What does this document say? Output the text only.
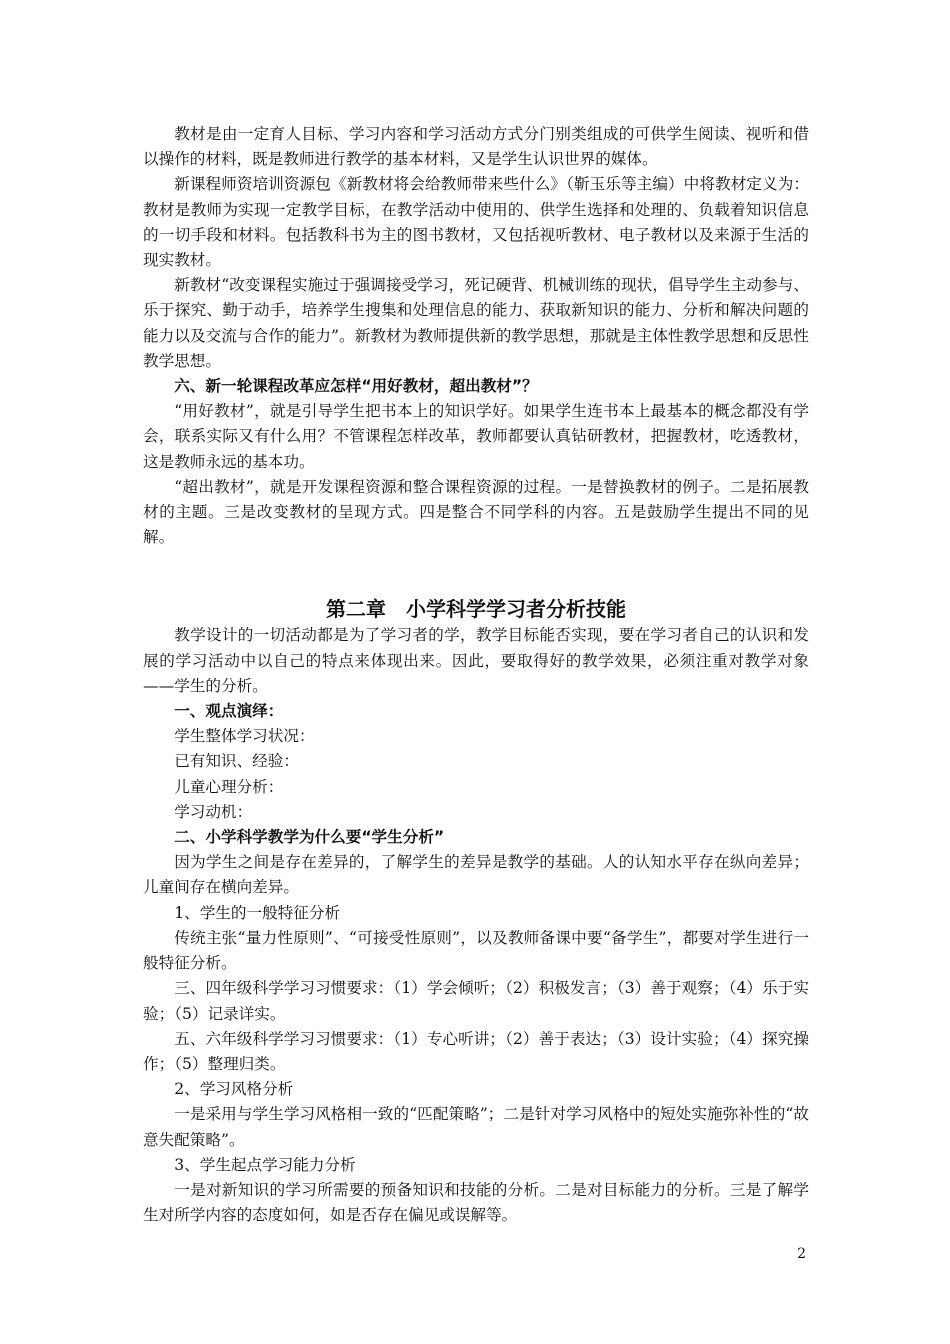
教材是由一定育人目标、学习内容和学习活动方式分门别类组成的可供学生阅读、视听和借以操作的材料，既是教师进行教学的基本材料，又是学生认识世界的媒体。

新课程师资培训资源包《新教材将会给教师带来些什么》（靳玉乐等主编）中将教材定义为：教材是教师为实现一定教学目标，在教学活动中使用的、供学生选择和处理的、负载着知识信息的一切手段和材料。包括教科书为主的图书教材，又包括视听教材、电子教材以及来源于生活的现实教材。

新教材“改变课程实施过于强调接受学习，死记硬背、机械训练的现状，倡导学生主动参与、乐于探究、勤于动手，培养学生搜集和处理信息的能力、获取新知识的能力、分析和解决问题的能力以及交流与合作的能力”。新教材为教师提供新的教学思想，那就是主体性教学思想和反思性教学思想。

六、新一轮课程改革应怎样“用好教材，超出教材”？

“用好教材”，就是引导学生把书本上的知识学好。如果学生连书本上最基本的概念都没有学会，联系实际又有什么用？不管课程怎样改革，教师都要认真钻研教材，把握教材，吃透教材，这是教师永远的基本功。

“超出教材”，就是开发课程资源和整合课程资源的过程。一是替换教材的例子。二是拓展教材的主题。三是改变教材的呈现方式。四是整合不同学科的内容。五是鼓励学生提出不同的见解。

第二章　小学科学学习者分析技能

教学设计的一切活动都是为了学习者的学，教学目标能否实现，要在学习者自己的认识和发展的学习活动中以自己的特点来体现出来。因此，要取得好的教学效果，必须注重对教学对象——学生的分析。

一、观点演绎：

学生整体学习状况：

已有知识、经验：

儿童心理分析：

学习动机：

二、小学科学教学为什么要“学生分析”

因为学生之间是存在差异的，了解学生的差异是教学的基础。人的认知水平存在纵向差异；儿童间存在横向差异。

1、学生的一般特征分析

传统主张“量力性原则”、“可接受性原则”，以及教师备课中要“备学生”，都要对学生进行一般特征分析。

三、四年级科学学习习惯要求：（1）学会倾听；（2）积极发言；（3）善于观察；（4）乐于实验；（5）记录详实。

五、六年级科学学习习惯要求：（1）专心听讲；（2）善于表达；（3）设计实验；（4）探究操作；（5）整理归类。

2、学习风格分析

一是采用与学生学习风格相一致的“匹配策略”；二是针对学习风格中的短处实施弥补性的“故意失配策略”。

3、学生起点学习能力分析

一是对新知识的学习所需要的预备知识和技能的分析。二是对目标能力的分析。三是了解学生对所学内容的态度如何，如是否存在偏见或误解等。

2
